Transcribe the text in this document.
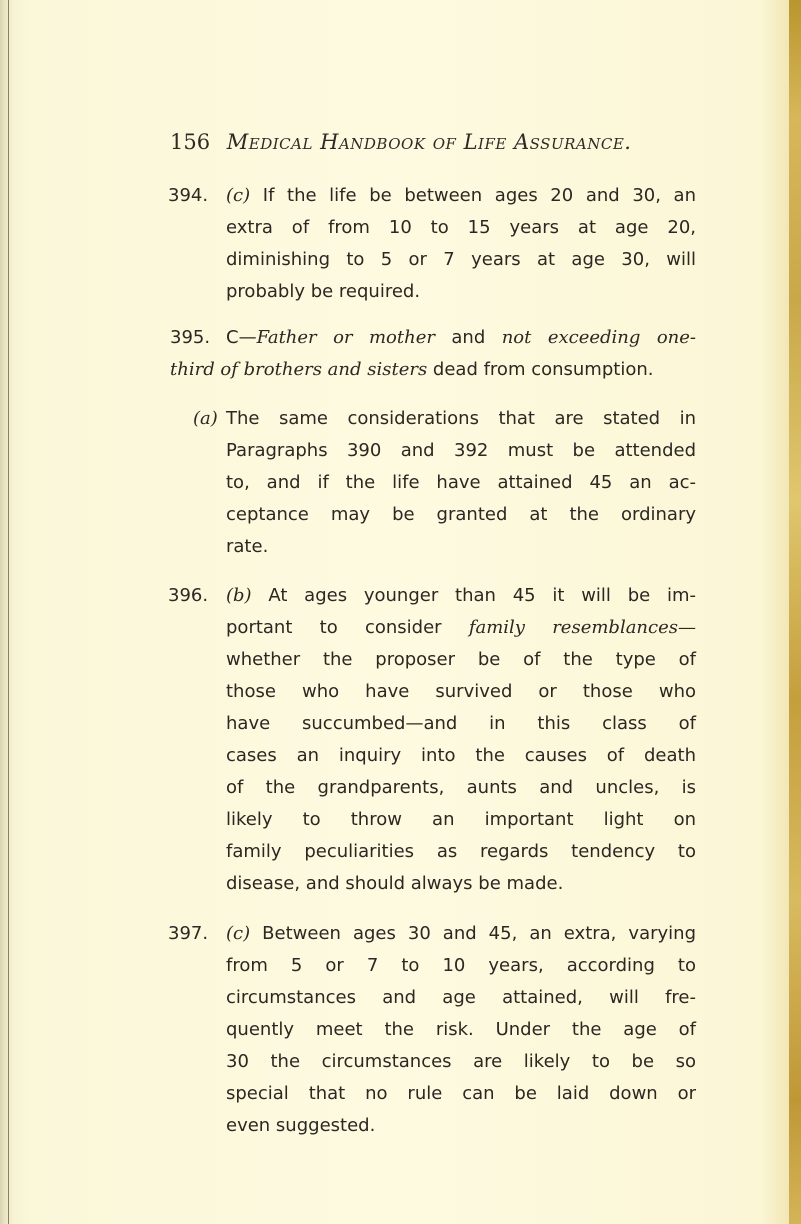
156 Medical Handbook of Life Assurance.
394. (c) If the life be between ages 20 and 30, an
extra of from 10 to 15 years at age 20,
diminishing to 5 or 7 years at age 30, will
probably be required.
395. C—Father or mother and not exceeding one-
third of brothers and sisters dead from consumption.
(a) The same considerations that are stated in
Paragraphs 390 and 392 must be attended
to, and if the life have attained 45 an ac-
ceptance may be granted at the ordinary
rate.
396. (b) At ages younger than 45 it will be im-
portant to consider family resemblances—
whether the proposer be of the type of
those who have survived or those who
have succumbed—and in this class of
cases an inquiry into the causes of death
of the grandparents, aunts and uncles, is
likely to throw an important light on
family peculiarities as regards tendency to
disease, and should always be made.
397. (c) Between ages 30 and 45, an extra, varying
from 5 or 7 to 10 years, according to
circumstances and age attained, will fre-
quently meet the risk. Under the age of
30 the circumstances are likely to be so
special that no rule can be laid down or
even suggested.
